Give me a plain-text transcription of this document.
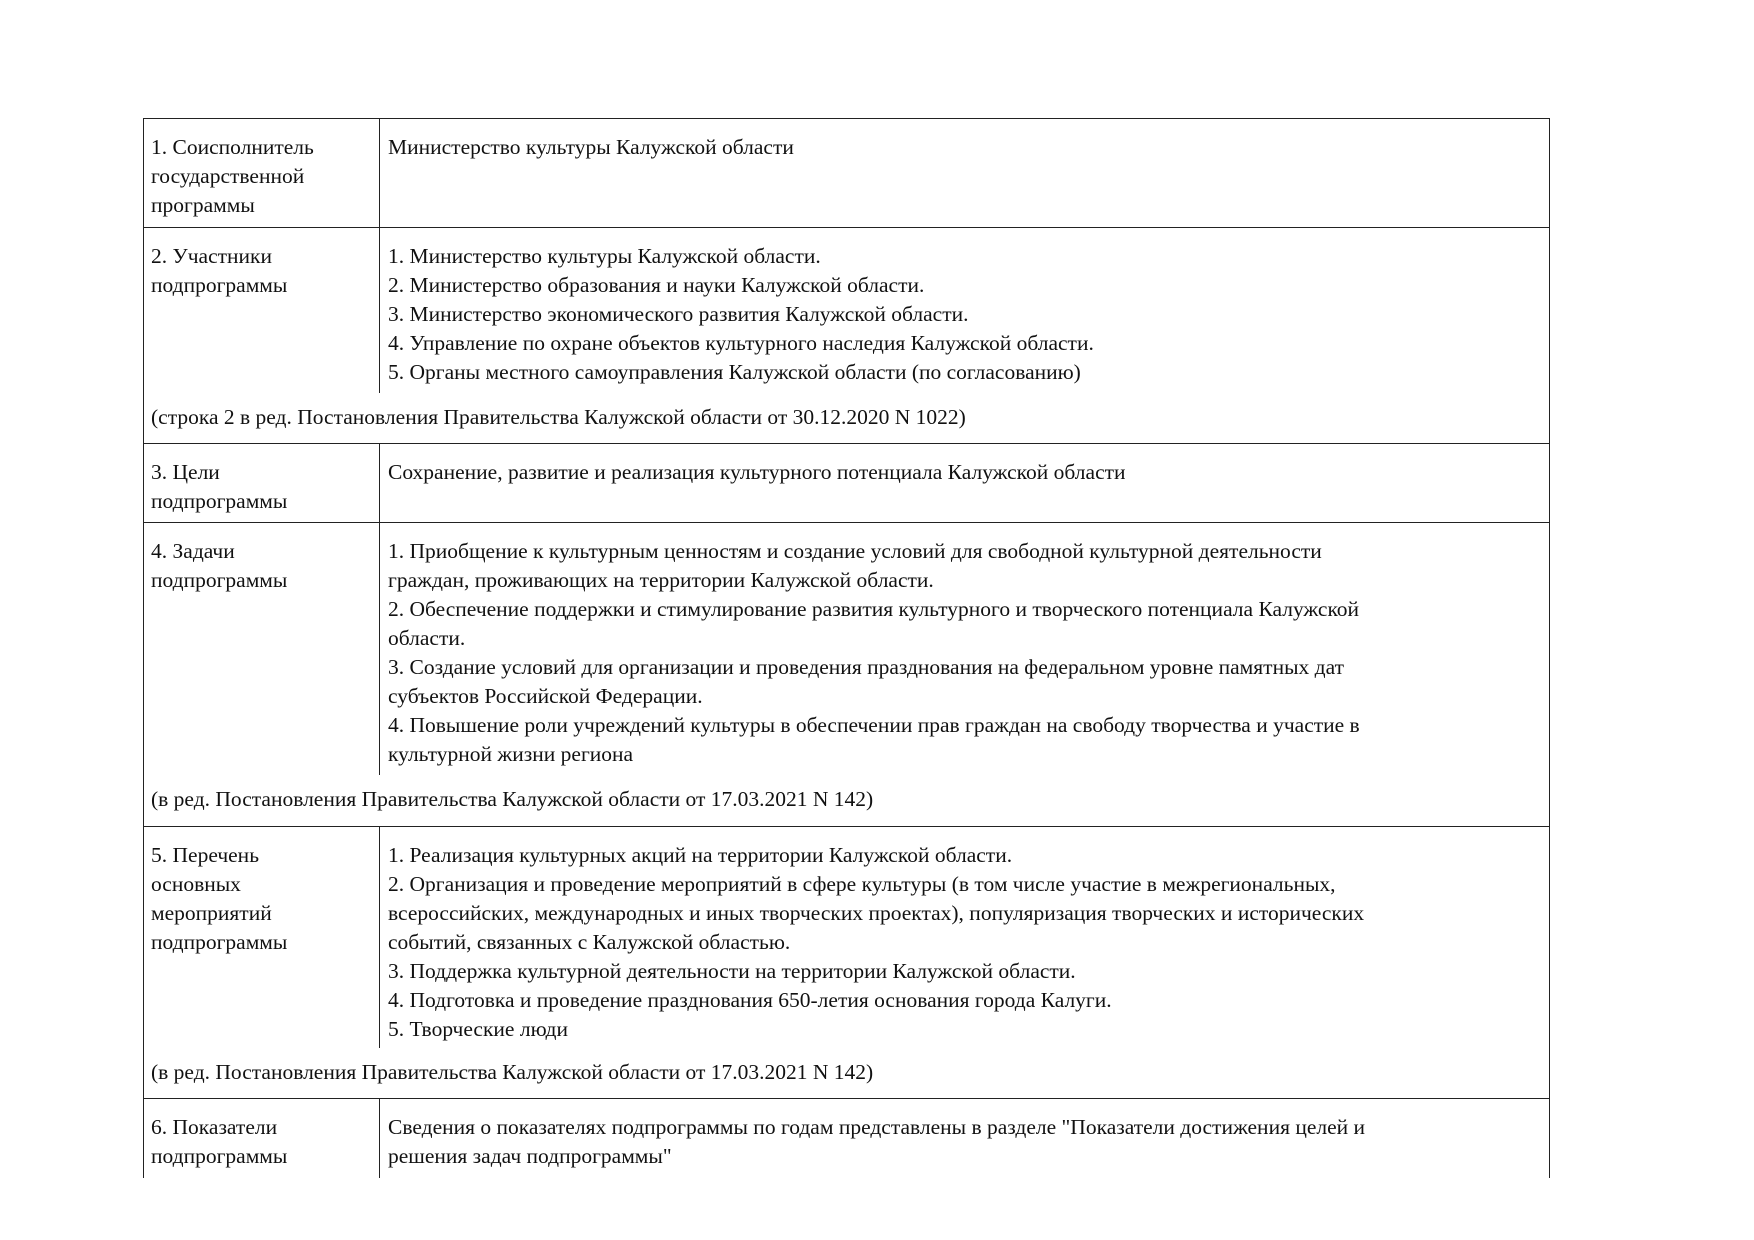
1. Соисполнитель
государственной
программы
Министерство культуры Калужской области
2. Участники
подпрограммы
1. Министерство культуры Калужской области.
2. Министерство образования и науки Калужской области.
3. Министерство экономического развития Калужской области.
4. Управление по охране объектов культурного наследия Калужской области.
5. Органы местного самоуправления Калужской области (по согласованию)
(строка 2 в ред. Постановления Правительства Калужской области от 30.12.2020 N 1022)
3. Цели
подпрограммы
Сохранение, развитие и реализация культурного потенциала Калужской области
4. Задачи
подпрограммы
1. Приобщение к культурным ценностям и создание условий для свободной культурной деятельности
граждан, проживающих на территории Калужской области.
2. Обеспечение поддержки и стимулирование развития культурного и творческого потенциала Калужской
области.
3. Создание условий для организации и проведения празднования на федеральном уровне памятных дат
субъектов Российской Федерации.
4. Повышение роли учреждений культуры в обеспечении прав граждан на свободу творчества и участие в
культурной жизни региона
(в ред. Постановления Правительства Калужской области от 17.03.2021 N 142)
5. Перечень
основных
мероприятий
подпрограммы
1. Реализация культурных акций на территории Калужской области.
2. Организация и проведение мероприятий в сфере культуры (в том числе участие в межрегиональных,
всероссийских, международных и иных творческих проектах), популяризация творческих и исторических
событий, связанных с Калужской областью.
3. Поддержка культурной деятельности на территории Калужской области.
4. Подготовка и проведение празднования 650-летия основания города Калуги.
5. Творческие люди
(в ред. Постановления Правительства Калужской области от 17.03.2021 N 142)
6. Показатели
подпрограммы
Сведения о показателях подпрограммы по годам представлены в разделе "Показатели достижения целей и
решения задач подпрограммы"
